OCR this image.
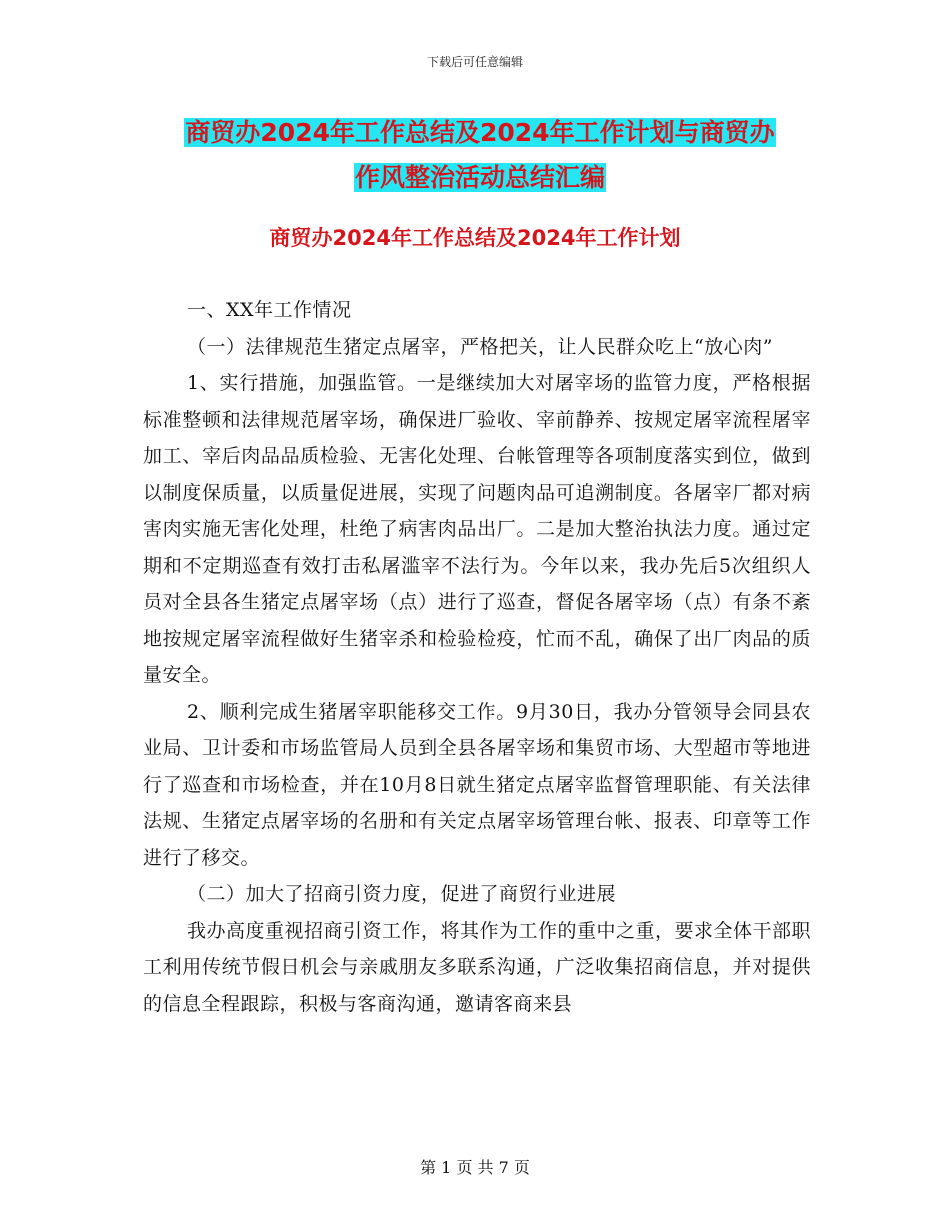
下载后可任意编辑
商贸办2024年工作总结及2024年工作计划与商贸办
作风整治活动总结汇编
商贸办2024年工作总结及2024年工作计划

一、XX年工作情况

（一）法律规范生猪定点屠宰，严格把关，让人民群众吃上“放心肉”

1、实行措施，加强监管。一是继续加大对屠宰场的监管力度，严格根据标准整顿和法律规范屠宰场，确保进厂验收、宰前静养、按规定屠宰流程屠宰加工、宰后肉品品质检验、无害化处理、台帐管理等各项制度落实到位，做到以制度保质量，以质量促进展，实现了问题肉品可追溯制度。各屠宰厂都对病害肉实施无害化处理，杜绝了病害肉品出厂。二是加大整治执法力度。通过定期和不定期巡查有效打击私屠滥宰不法行为。今年以来，我办先后5次组织人员对全县各生猪定点屠宰场（点）进行了巡查，督促各屠宰场（点）有条不紊地按规定屠宰流程做好生猪宰杀和检验检疫，忙而不乱，确保了出厂肉品的质量安全。

2、顺利完成生猪屠宰职能移交工作。9月30日，我办分管领导会同县农业局、卫计委和市场监管局人员到全县各屠宰场和集贸市场、大型超市等地进行了巡查和市场检查，并在10月8日就生猪定点屠宰监督管理职能、有关法律法规、生猪定点屠宰场的名册和有关定点屠宰场管理台帐、报表、印章等工作进行了移交。

（二）加大了招商引资力度，促进了商贸行业进展

我办高度重视招商引资工作，将其作为工作的重中之重，要求全体干部职工利用传统节假日机会与亲戚朋友多联系沟通，广泛收集招商信息，并对提供的信息全程跟踪，积极与客商沟通，邀请客商来县

第 1 页 共 7 页
